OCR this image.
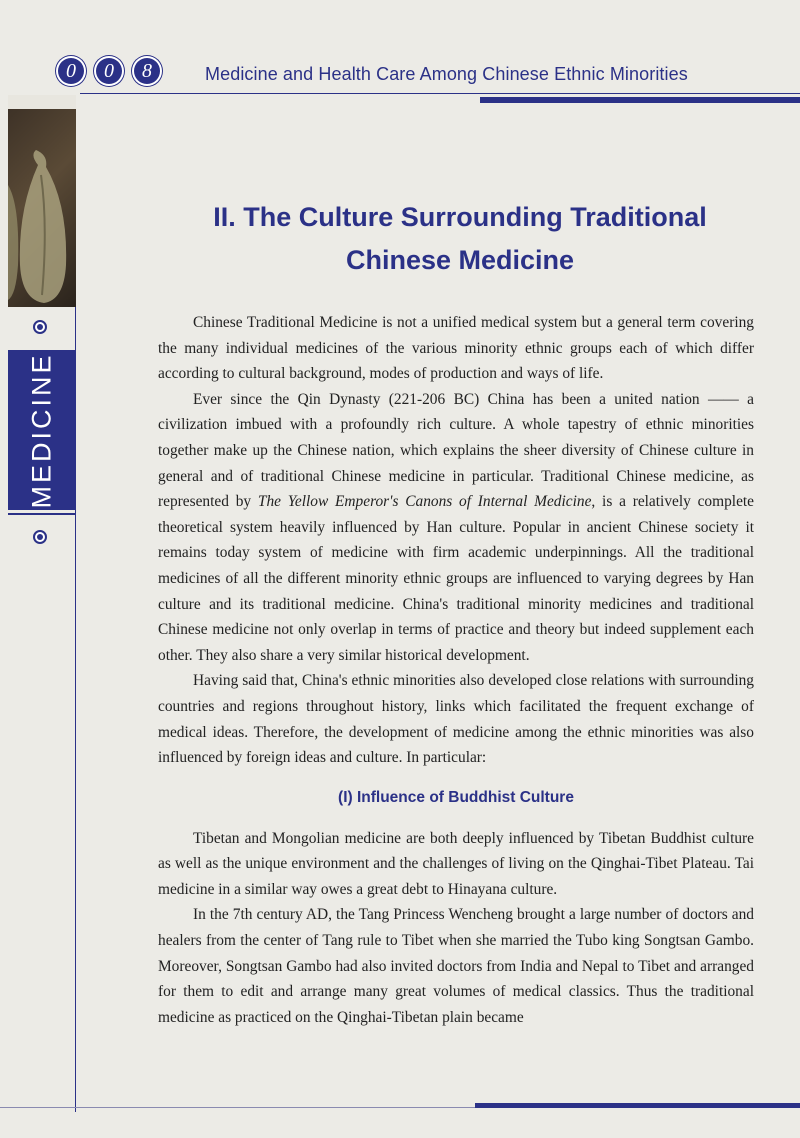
0	0	8	Medicine and Health Care Among Chinese Ethnic Minorities
MEDICINE
II. The Culture Surrounding Traditional
Chinese Medicine

Chinese Traditional Medicine is not a unified medical system but a general term covering the many individual medicines of the various minority ethnic groups each of which differ according to cultural background, modes of production and ways of life.

Ever since the Qin Dynasty (221-206 BC) China has been a united nation —— a civilization imbued with a profoundly rich culture. A whole tapestry of ethnic minorities together make up the Chinese nation, which explains the sheer diversity of Chinese culture in general and of traditional Chinese medicine in particular. Traditional Chinese medicine, as represented by The Yellow Emperor's Canons of Internal Medicine, is a relatively complete theoretical system heavily influenced by Han culture. Popular in ancient Chinese society it remains today system of medicine with firm academic underpinnings. All the traditional medicines of all the different minority ethnic groups are influenced to varying degrees by Han culture and its traditional medicine. China's traditional minority medicines and traditional Chinese medicine not only overlap in terms of practice and theory but indeed supplement each other. They also share a very similar historical development.

Having said that, China's ethnic minorities also developed close relations with surrounding countries and regions throughout history, links which facilitated the frequent exchange of medical ideas. Therefore, the development of medicine among the ethnic minorities was also influenced by foreign ideas and culture. In particular:

(I) Influence of Buddhist Culture

Tibetan and Mongolian medicine are both deeply influenced by Tibetan Buddhist culture as well as the unique environment and the challenges of living on the Qinghai-Tibet Plateau. Tai medicine in a similar way owes a great debt to Hinayana culture.

In the 7th century AD, the Tang Princess Wencheng brought a large number of doctors and healers from the center of Tang rule to Tibet when she married the Tubo king Songtsan Gambo. Moreover, Songtsan Gambo had also invited doctors from India and Nepal to Tibet and arranged for them to edit and arrange many great volumes of medical classics. Thus the traditional medicine as practiced on the Qinghai-Tibetan plain became
